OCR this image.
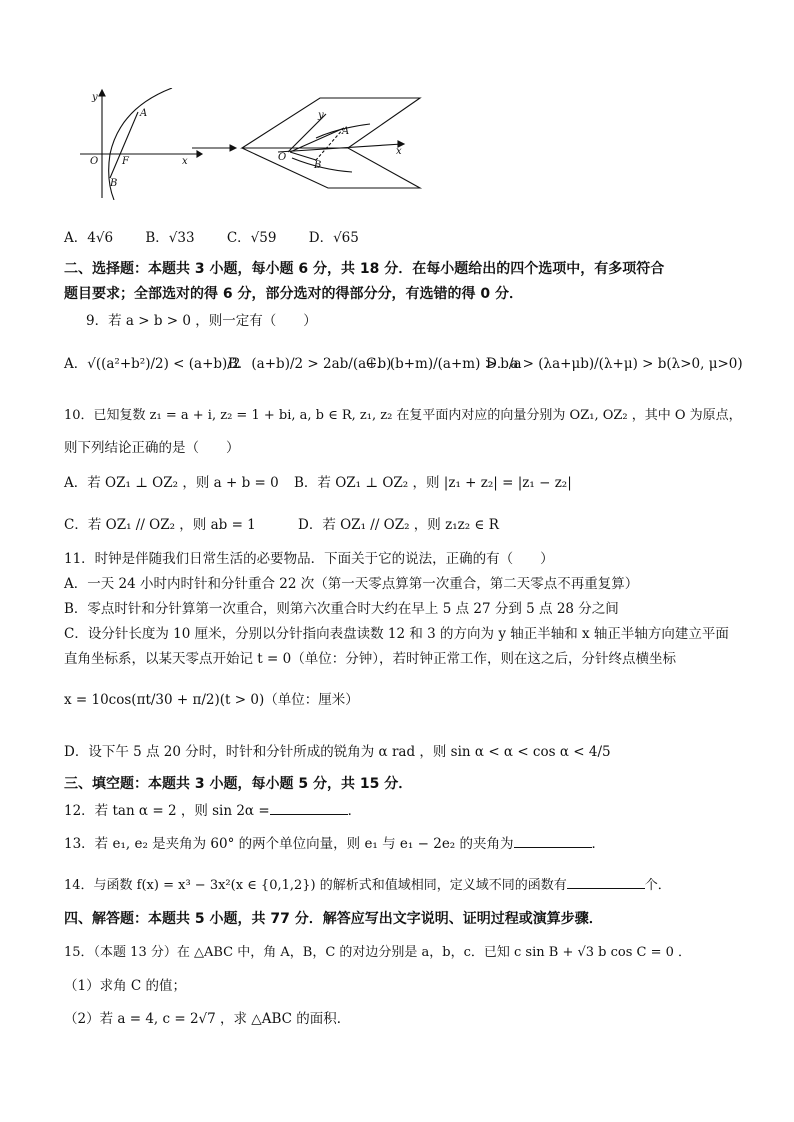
y
A
O F	x
B
y
A
O
B
x
A．4√6 B．√33 C．√59 D．√65
二、选择题：本题共 3 小题，每小题 6 分，共 18 分．在每小题给出的四个选项中，有多项符合
题目要求；全部选对的得 6 分，部分选对的得部分分，有选错的得 0 分．
9．若 a > b > 0 ，则一定有（　　）
A．√((a²+b²)/2) < (a+b)/2
B．(a+b)/2 > 2ab/(a+b)
C．(b+m)/(a+m) > b/a
D．a > (λa+μb)/(λ+μ) > b(λ>0, μ>0)
10．已知复数 z₁ = a + i, z₂ = 1 + bi, a, b ∈ R, z₁, z₂ 在复平面内对应的向量分别为 OZ₁, OZ₂ ，其中 O 为原点，
则下列结论正确的是（　　）
A．若 OZ₁ ⊥ OZ₂ ，则 a + b = 0 B．若 OZ₁ ⊥ OZ₂ ，则 |z₁ + z₂| = |z₁ − z₂|
C．若 OZ₁ // OZ₂ ，则 ab = 1	D．若 OZ₁ // OZ₂ ，则 z₁z₂ ∈ R
11．时钟是伴随我们日常生活的必要物品．下面关于它的说法，正确的有（　　）
A．一天 24 小时内时针和分针重合 22 次（第一天零点算第一次重合，第二天零点不再重复算）
B．零点时针和分针算第一次重合，则第六次重合时大约在早上 5 点 27 分到 5 点 28 分之间
C．设分针长度为 10 厘米，分别以分针指向表盘读数 12 和 3 的方向为 y 轴正半轴和 x 轴正半轴方向建立平面
直角坐标系，以某天零点开始记 t = 0（单位：分钟），若时钟正常工作，则在这之后，分针终点横坐标
x = 10cos(πt/30 + π/2)(t > 0)（单位：厘米）
D．设下午 5 点 20 分时，时针和分针所成的锐角为 α rad ，则 sin α < α < cos α < 4/5
三、填空题：本题共 3 小题，每小题 5 分，共 15 分．
12．若 tan α = 2 ，则 sin 2α =	．
13．若 e₁, e₂ 是夹角为 60° 的两个单位向量，则 e₁ 与 e₁ − 2e₂ 的夹角为	．
14．与函数 f(x) = x³ − 3x²(x ∈ {0,1,2}) 的解析式和值域相同，定义域不同的函数有	个．
四、解答题：本题共 5 小题，共 77 分．解答应写出文字说明、证明过程或演算步骤．
15．（本题 13 分）在 △ABC 中，角 A，B，C 的对边分别是 a，b，c．已知 c sin B + √3 b cos C = 0 ．
（1）求角 C 的值；
（2）若 a = 4, c = 2√7 ，求 △ABC 的面积．
